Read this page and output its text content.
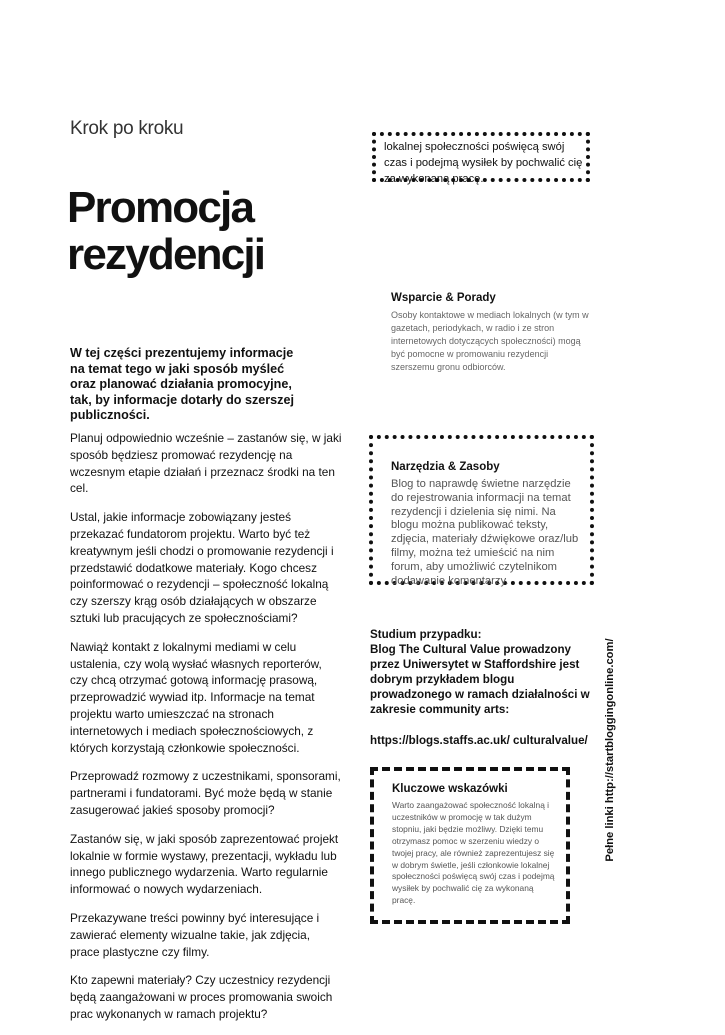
Krok po kroku
Promocja
rezydencji

W tej części prezentujemy informacje na temat tego w jaki sposób myśleć oraz planować działania promocyjne, tak, by informacje dotarły do szerszej publiczności.

Planuj odpowiednio wcześnie – zastanów się, w jaki sposób będziesz promować rezydencję na wczesnym etapie działań i przeznacz środki na ten cel.

Ustal, jakie informacje zobowiązany jesteś przekazać fundatorom projektu. Warto być też kreatywnym jeśli chodzi o promowanie rezydencji i przedstawić dodatkowe materiały. Kogo chcesz poinformować o rezydencji – społeczność lokalną czy szerszy krąg osób działających w obszarze sztuki lub pracujących ze społecznościami?

Nawiąż kontakt z lokalnymi mediami w celu ustalenia, czy wolą wysłać własnych reporterów, czy chcą otrzymać gotową informację prasową, przeprowadzić wywiad itp. Informacje na temat projektu warto umieszczać na stronach internetowych i mediach społecznościowych, z których korzystają członkowie społeczności.

Przeprowadź rozmowy z uczestnikami, sponsorami, partnerami i fundatorami. Być może będą w stanie zasugerować jakieś sposoby promocji?

Zastanów się, w jaki sposób zaprezentować projekt lokalnie w formie wystawy, prezentacji, wykładu lub innego publicznego wydarzenia. Warto regularnie informować o nowych wydarzeniach.

Przekazywane treści powinny być interesujące i zawierać elementy wizualne takie, jak zdjęcia, prace plastyczne czy filmy.

Kto zapewni materiały? Czy uczestnicy rezydencji będą zaangażowani w proces promowania swoich prac wykonanych w ramach projektu?

lokalnej społeczności poświęcą swój czas i podejmą wysiłek by pochwalić cię za wykonaną pracę.
Wsparcie & Porady
Osoby kontaktowe w mediach lokalnych (w tym w gazetach, periodykach, w radio i ze stron internetowych dotyczących społeczności) mogą być pomocne w promowaniu rezydencji szerszemu gronu odbiorców.
Narzędzia & Zasoby
Blog to naprawdę świetne narzędzie do rejestrowania informacji na temat rezydencji i dzielenia się nimi. Na blogu można publikować teksty, zdjęcia, materiały dźwiękowe oraz/lub filmy, można też umieścić na nim forum, aby umożliwić czytelnikom dodawanie komentarzy.
Studium przypadku:
Blog The Cultural Value prowadzony przez Uniwersytet w Staffordshire jest dobrym przykładem blogu prowadzonego w ramach działalności w zakresie community arts:
https://blogs.staffs.ac.uk/ culturalvalue/
Kluczowe wskazówki
Warto zaangażować społeczność lokalną i uczestników w promocję w tak dużym stopniu, jaki będzie możliwy. Dzięki temu otrzymasz pomoc w szerzeniu wiedzy o twojej pracy, ale również zaprezentujesz się w dobrym świetle, jeśli członkowie lokalnej społeczności poświęcą swój czas i podejmą wysiłek by pochwalić cię za wykonaną pracę.
Pełne linki http://startbloggingonline.com/
